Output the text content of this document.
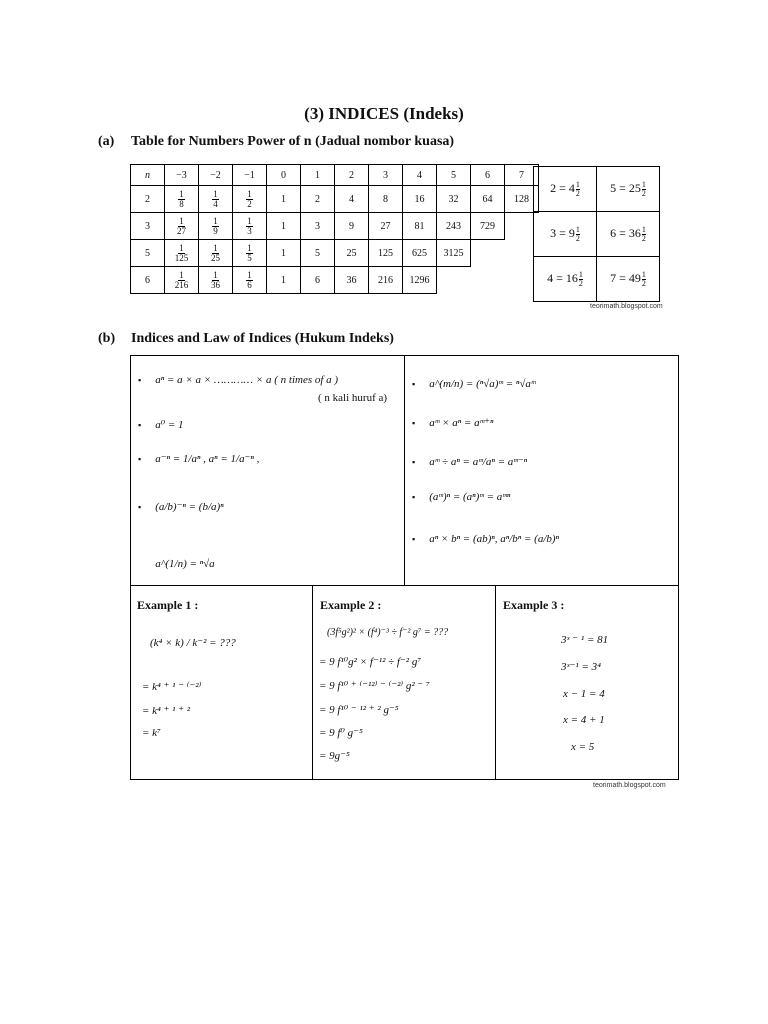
(3) INDICES (Indeks)
(a) Table for Numbers Power of n (Jadual nombor kuasa)
n	−3	−2	−1	0	1	2	3	4	5	6	7
2	$\frac{1}{8}$	$\frac{1}{4}$	$\frac{1}{2}$	1	2	4	8	16	32	64	128
3	$\frac{1}{27}$	$\frac{1}{9}$	$\frac{1}{3}$	1	3	9	27	81	243	729	
5	$\frac{1}{125}$	$\frac{1}{25}$	$\frac{1}{5}$	1	5	25	125	625	3125		
6	$\frac{1}{216}$	$\frac{1}{36}$	$\frac{1}{6}$	1	6	36	216	1296			
$2 = 4 \frac{1}{2}$	$5 = 25 \frac{1}{2}$

$3 = 9 \frac{1}{2}$	$6 = 36 \frac{1}{2}$

$4 = 16 \frac{1}{2}$	$7 = 49 \frac{1}{2}$
teorimath.blogspot.com
(b) Indices and Law of Indices (Hukum Indeks)
▪ aⁿ = a × a × ………… × a ( n times of a )
( n kali huruf a)
▪ a⁰ = 1
▪ a⁻ⁿ = 1/aⁿ , aⁿ = 1/a⁻ⁿ ,
▪ (a/b)⁻ⁿ = (b/a)ⁿ
a^(1/n) = ⁿ√a
▪ a^(m/n) = (ⁿ√a)ᵐ = ⁿ√aᵐ
▪ aᵐ × aⁿ = aᵐ⁺ⁿ
▪ aᵐ ÷ aⁿ = aᵐ/aⁿ = aᵐ⁻ⁿ
▪ (aᵐ)ⁿ = (aⁿ)ᵐ = aᵐⁿ
▪ aⁿ × bⁿ = (ab)ⁿ, aⁿ/bⁿ = (a/b)ⁿ
Example 1 :
(k⁴ × k) / k⁻² = ???
= k⁴ ⁺ ¹ ⁻ ⁽⁻²⁾
= k⁴ ⁺ ¹ ⁺ ²
= k⁷
Example 2 :
(3f⁵g²)² × (f⁴)⁻³ ÷ f⁻² g⁷ = ???
= 9 f¹⁰g² × f⁻¹² ÷ f⁻² g⁷
= 9 f¹⁰ ⁺ ⁽⁻¹²⁾ ⁻ ⁽⁻²⁾ g² ⁻ ⁷
= 9 f¹⁰ ⁻ ¹² ⁺ ² g⁻⁵
= 9 f⁰ g⁻⁵
= 9g⁻⁵
Example 3 :
3ˣ ⁻ ¹ = 81
3ˣ⁻¹ = 3⁴
x − 1 = 4
x = 4 + 1
x = 5
teorimath.blogspot.com
